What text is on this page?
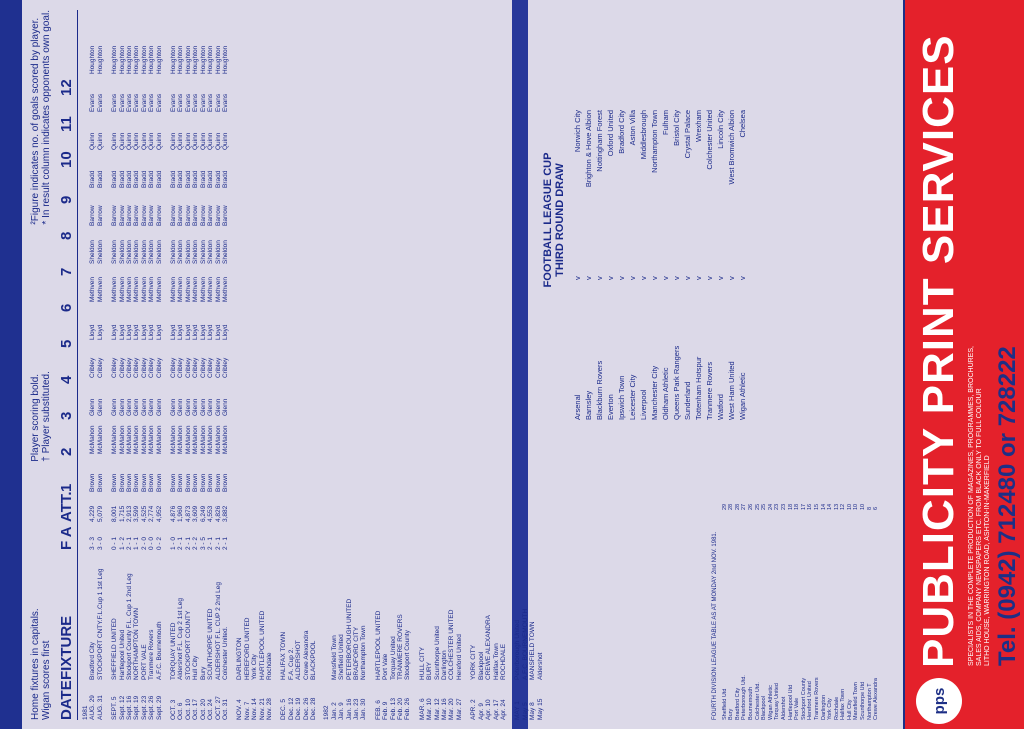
Home fixtures in capitals. Wigan scores first
Player scoring bold. † Player substituted.
²Figure indicates no. of goals scored by player. * In result column indicates opponents own goal.
DATE
FIXTURE
F A
ATT.
1
2
3
4
5
6
7
8
9
10
11
12
1981 AUG. 29
Bradford City
3 - 3
4,229
Brown
McMahon
Glenn
Cribley
Lloyd
Methven
Sheldon
Barrow
Bradd
Quinn
Evans
Houghton
AUG. 31
STOCKPORT CNTY.F.L.Cup 1 1st Leg
3 - 0
5,079
Brown
McMahon
Glenn
Cribley
Lloyd
Methven
Sheldon
Barrow
Bradd
Quinn
Evans
Houghton
SEPT. 5
SHEFFIELD UNITED
0 - 1
8,001
Brown
McMahon
Glenn
Cribley
Lloyd
Methven
Sheldon
Barrow
Bradd
Quinn
Evans
Houghton
Sept. 12
Hartlepool United
1 - 2
1,715
Brown
McMahon
Glenn
Cribley
Lloyd
Methven
Sheldon
Barrow
Bradd
Quinn
Evans
Houghton
Sept. 16
Stockport County F.L. Cup 1 2nd Leg
2 - 1
2,913
Brown
McMahon
Glenn
Cribley
Lloyd
Methven
Sheldon
Barrow
Bradd
Quinn
Evans
Houghton
Sept. 19
NORTHAMPTON TOWN
1 - 1
3,599
Brown
McMahon
Glenn
Cribley
Lloyd
Methven
Sheldon
Barrow
Bradd
Quinn
Evans
Houghton
Sept. 23
PORT VALE
2 - 0
4,525
Brown
McMahon
Glenn
Cribley
Lloyd
Methven
Sheldon
Barrow
Bradd
Quinn
Evans
Houghton
Sept. 26
Tranmere Rovers
0 - 0
2,774
Brown
McMahon
Glenn
Cribley
Lloyd
Methven
Sheldon
Barrow
Bradd
Quinn
Evans
Houghton
Sept. 29
A.F.C. Bournemouth
0 - 2
4,952
Brown
McMahon
Glenn
Cribley
Lloyd
Methven
Sheldon
Barrow
Bradd
Quinn
Evans
Houghton
OCT. 3
TORQUAY UNITED
1 - 0
4,876
Brown
McMahon
Glenn
Cribley
Lloyd
Methven
Sheldon
Barrow
Bradd
Quinn
Evans
Houghton
Oct. 6
Aldershot F.L. Cup 2 1st Leg
2 - 1
1,960
Brown
McMahon
Glenn
Cribley
Lloyd
Methven
Sheldon
Barrow
Bradd
Quinn
Evans
Houghton
Oct. 10
STOCKPORT COUNTY
2 - 1
4,873
Brown
McMahon
Glenn
Cribley
Lloyd
Methven
Sheldon
Barrow
Bradd
Quinn
Evans
Houghton
Oct. 17
Hull City
2 - 2
3,609
Brown
McMahon
Glenn
Cribley
Lloyd
Methven
Sheldon
Barrow
Bradd
Quinn
Evans
Houghton
Oct. 20
Bury
3 - 5
6,249
Brown
McMahon
Glenn
Cribley
Lloyd
Methven
Sheldon
Barrow
Bradd
Quinn
Evans
Houghton
Oct. 24
SCUNTHORPE UNITED
2 - 1
4,553
Brown
McMahon
Glenn
Cribley
Lloyd
Methven
Sheldon
Barrow
Bradd
Quinn
Evans
Houghton
OCT. 27
ALDERSHOT F.L. CUP 2 2nd Leg
2 - 1
4,826
Brown
McMahon
Glenn
Cribley
Lloyd
Methven
Sheldon
Barrow
Bradd
Quinn
Evans
Houghton
Oct. 31
Colchester United.
2 - 1
3,882
Brown
McMahon
Glenn
Cribley
Lloyd
Methven
Sheldon
Barrow
Bradd
Quinn
Evans
Houghton
NOV. 4
DARLINGTON
Nov. 7
HEREFORD UNITED
Nov. 14
York City
Nov. 21
HARTLEPOOL UNITED
Nov. 28
Rochdale
DEC. 5
HALIFAX TOWN
Dec. 12
F.A. Cup 2.
Dec. 19
ALDERSHOT
Dec. 26
Crewe Alexandra
Dec. 28
BLACKPOOL
1982 Jan. 2
Mansfield Town
Jan. 9
Sheffield United
Jan. 16
PETERBOROUGH UNITED
Jan. 23
BRADFORD CITY
Jan. 30
Northampton Town
FEB. 6
HARTLEPOOL UNITED
Feb. 9
Port Vale
Feb. 13
Torquay United
Feb. 20
TRANMERE ROVERS
Feb. 26
Stockport County
MAR. 6
HULL CITY
Mar. 10
BURY
Mar. 12
Scunthorpe United
Mar. 16
Darlington
Mar. 20
COLCHESTER UNITED
Mar. 27
Hereford United
APR. 2
YORK CITY
Apr. 9
Blackpool
Apr. 10
CREWE ALEXANDRA
Apr. 17
Halifax Town
Apr. 24
ROCHDALE
MAY 1
Peterborough United
May 5
A.F.C. BOURNEMOUTH
May 8
MANSFIELD TOWN
May 15
Aldershot	FOURTH DIVISION LEAGUE TABLE AS AT MONDAY 2nd NOV. 1981. Sheffield Utd
29
Bury
28
Bradford City
28
Peterborough Utd.
27
Bournemouth
26
Colchester Utd.
25
Blackpool
25
Wigan Athletic
24
Torquay United
23
Aldershot
23
Hartlepool Utd
18
Port Vale
18
Stockport County
17
Hereford United
16
Tranmere Rovers
15
Darlington
14
York City
14
Rochdale
13
Halifax Town
12
Hull City
10
Mansfield Town
10
Scunthorpe Utd
10
Northampton T
8
Crewe Alexandra
6
FOOTBALL LEAGUE CUP THIRD ROUND DRAW
Arsenal
v
Norwich City
Barnsley
v
Brighton & Hove Albion
Blackburn Rovers
v
Nottingham Forest
Everton
v
Oxford United
Ipswich Town
v
Bradford City
Leicester City
v
Aston Villa
Liverpool
v
Middlesbrough
Manchester City
v
Northampton Town
Oldham Athletic
v
Fulham
Queens Park Rangers
v
Bristol City
Sunderland
v
Crystal Palace
Tottenham Hotspur
v
Wrexham
Tranmere Rovers
v
Colchester United
Watford
v
Lincoln City
West Ham United
v
West Bromwich Albion
Wigan Athletic
v
Chelsea
pps
PUBLICITY PRINT SERVICES SPECIALISTS IN THE COMPLETE PRODUCTION OF MAGAZINES, PROGRAMMES, BROCHURES, SALES AIDS, COMPANY NEWSPAPERS ETC. FROM BLACK ONLY TO FULL COLOUR LITHO HOUSE, WARRINGTON ROAD, ASHTON-IN-MAKERFIELD Tel. (0942) 712480 or 728222
